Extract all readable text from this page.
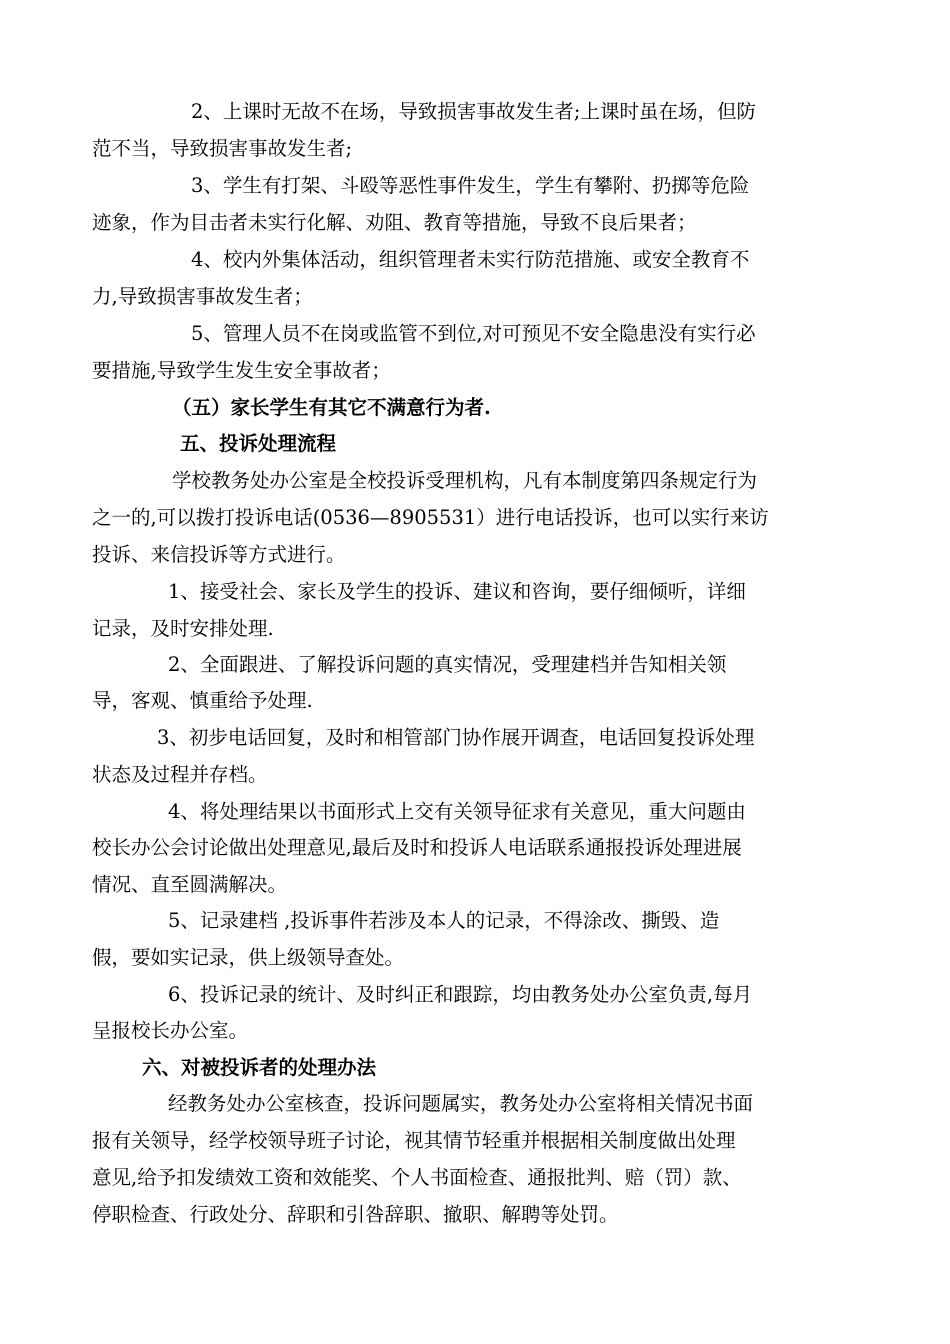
2、上课时无故不在场，导致损害事故发生者;上课时虽在场，但防

范不当，导致损害事故发生者;

3、学生有打架、斗殴等恶性事件发生，学生有攀附、扔掷等危险

迹象，作为目击者未实行化解、劝阻、教育等措施，导致不良后果者；

4、校内外集体活动，组织管理者未实行防范措施、或安全教育不

力,导致损害事故发生者；

5、管理人员不在岗或监管不到位,对可预见不安全隐患没有实行必

要措施,导致学生发生安全事故者；

（五）家长学生有其它不满意行为者.

五、投诉处理流程

学校教务处办公室是全校投诉受理机构，凡有本制度第四条规定行为

之一的,可以拨打投诉电话(0536—8905531）进行电话投诉，也可以实行来访

投诉、来信投诉等方式进行。

1、接受社会、家长及学生的投诉、建议和咨询，要仔细倾听，详细

记录，及时安排处理.

2、全面跟进、了解投诉问题的真实情况，受理建档并告知相关领

导，客观、慎重给予处理.

3、初步电话回复，及时和相管部门协作展开调查，电话回复投诉处理

状态及过程并存档。

4、将处理结果以书面形式上交有关领导征求有关意见，重大问题由

校长办公会讨论做出处理意见,最后及时和投诉人电话联系通报投诉处理进展

情况、直至圆满解决。

5、记录建档 ,投诉事件若涉及本人的记录，不得涂改、撕毁、造

假，要如实记录，供上级领导查处。

6、投诉记录的统计、及时纠正和跟踪，均由教务处办公室负责,每月

呈报校长办公室。

六、对被投诉者的处理办法

经教务处办公室核查，投诉问题属实，教务处办公室将相关情况书面

报有关领导，经学校领导班子讨论，视其情节轻重并根据相关制度做出处理

意见,给予扣发绩效工资和效能奖、个人书面检查、通报批判、赔（罚）款、

停职检查、行政处分、辞职和引咎辞职、撤职、解聘等处罚。
